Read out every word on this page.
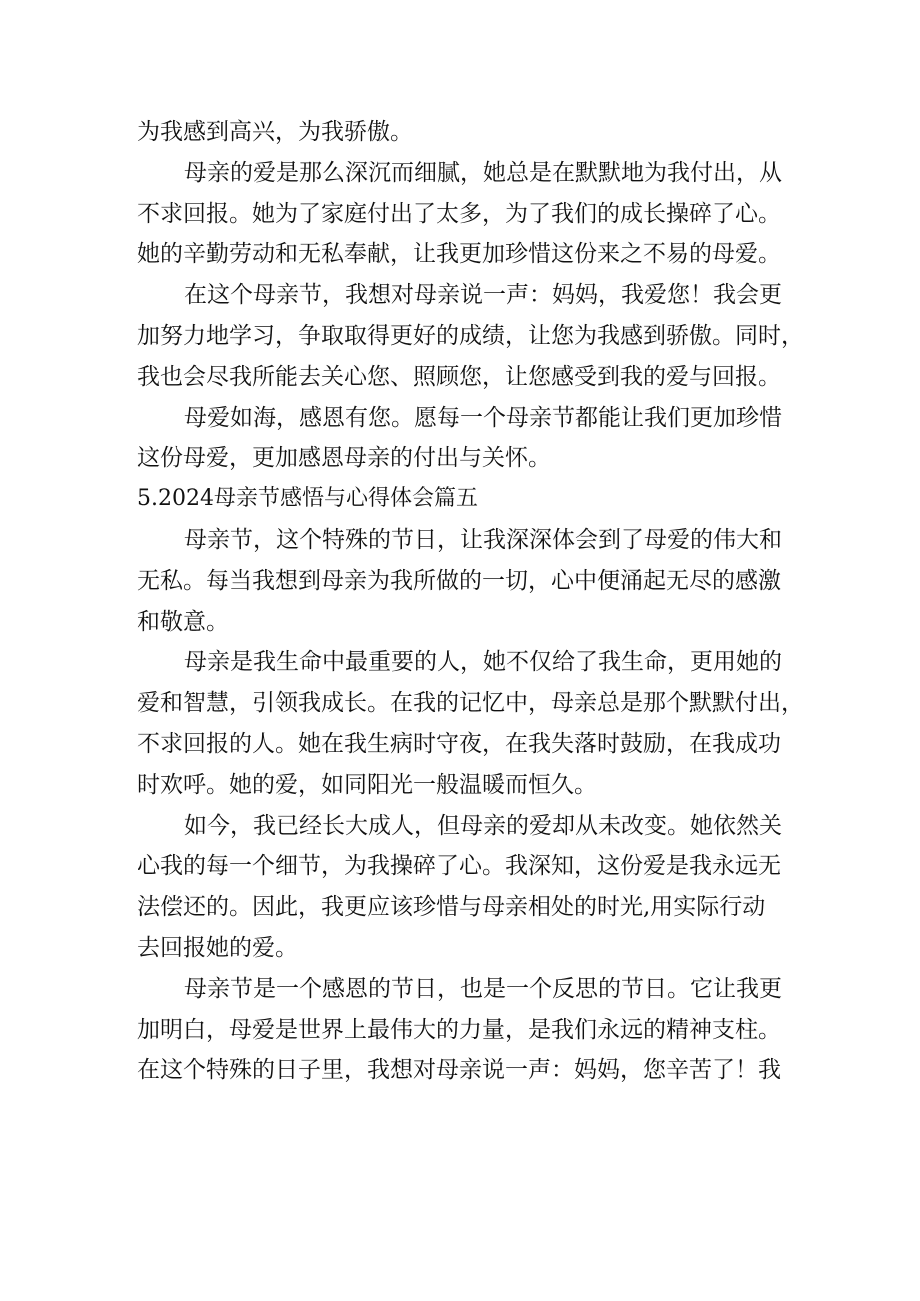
为我感到高兴，为我骄傲。
母亲的爱是那么深沉而细腻，她总是在默默地为我付出，从
不求回报。她为了家庭付出了太多，为了我们的成长操碎了心。
她的辛勤劳动和无私奉献，让我更加珍惜这份来之不易的母爱。
在这个母亲节，我想对母亲说一声：妈妈，我爱您！我会更
加努力地学习，争取取得更好的成绩，让您为我感到骄傲。同时，
我也会尽我所能去关心您、照顾您，让您感受到我的爱与回报。
母爱如海，感恩有您。愿每一个母亲节都能让我们更加珍惜
这份母爱，更加感恩母亲的付出与关怀。
5.2024母亲节感悟与心得体会篇五
母亲节，这个特殊的节日，让我深深体会到了母爱的伟大和
无私。每当我想到母亲为我所做的一切，心中便涌起无尽的感激
和敬意。
母亲是我生命中最重要的人，她不仅给了我生命，更用她的
爱和智慧，引领我成长。在我的记忆中，母亲总是那个默默付出，
不求回报的人。她在我生病时守夜，在我失落时鼓励，在我成功
时欢呼。她的爱，如同阳光一般温暖而恒久。
如今，我已经长大成人，但母亲的爱却从未改变。她依然关
心我的每一个细节，为我操碎了心。我深知，这份爱是我永远无
法偿还的。因此，我更应该珍惜与母亲相处的时光,用实际行动
去回报她的爱。
母亲节是一个感恩的节日，也是一个反思的节日。它让我更
加明白，母爱是世界上最伟大的力量，是我们永远的精神支柱。
在这个特殊的日子里，我想对母亲说一声：妈妈，您辛苦了！我
